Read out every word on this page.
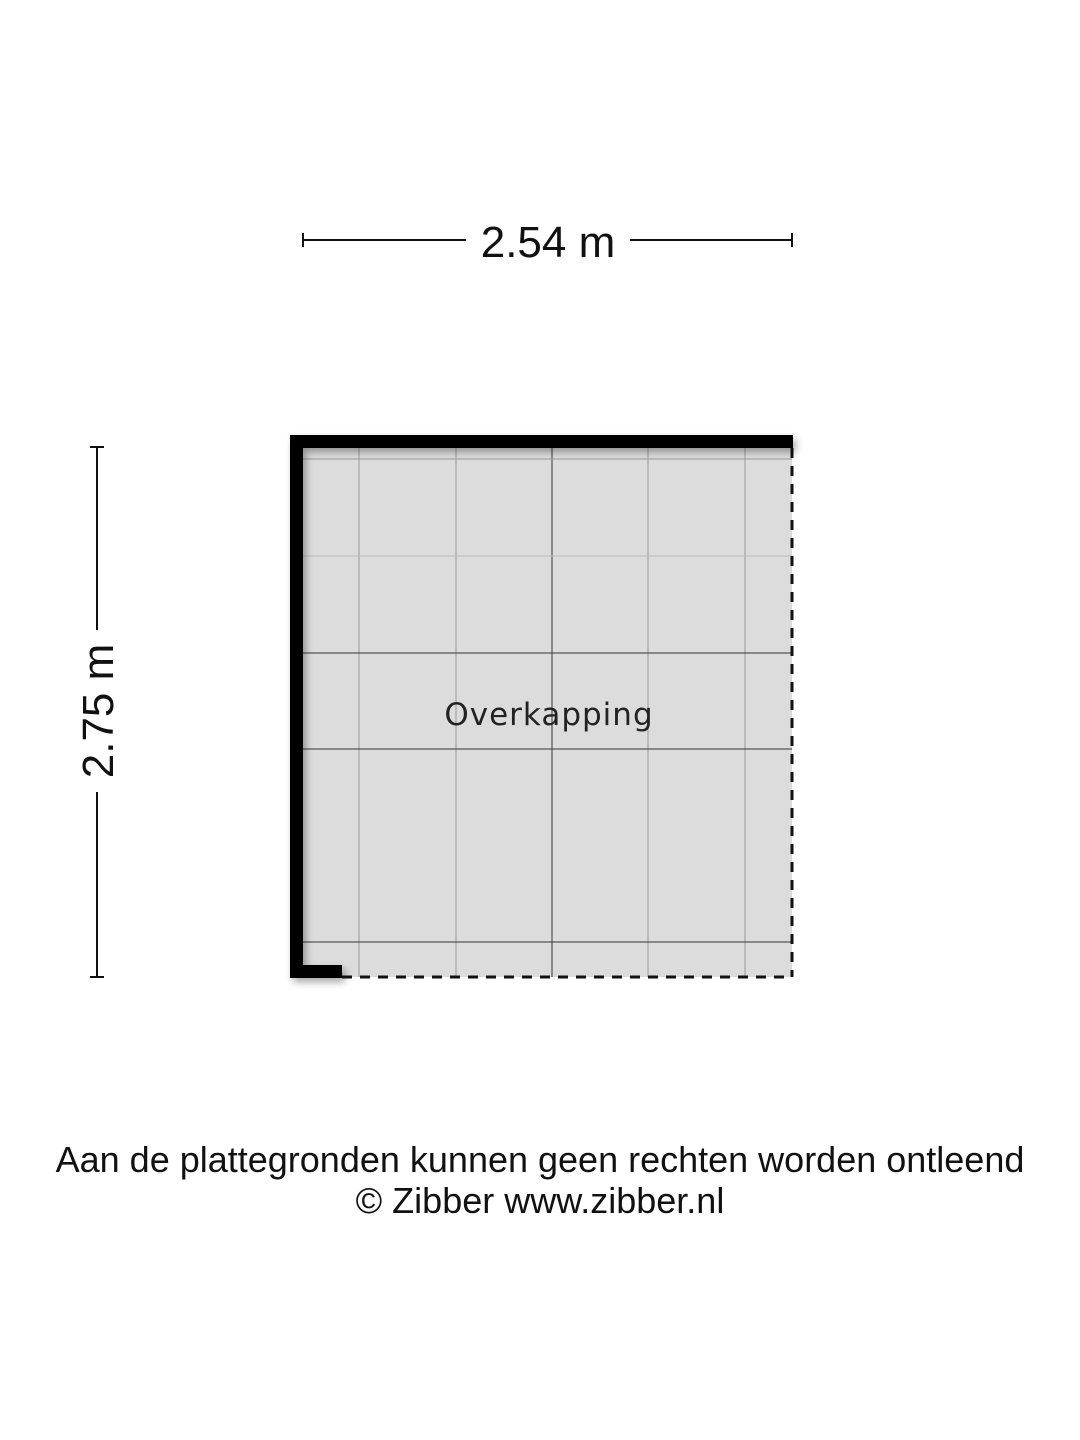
2.54 m
2.75 m	Overkapping
Aan de plattegronden kunnen geen rechten worden ontleend
© Zibber www.zibber.nl
